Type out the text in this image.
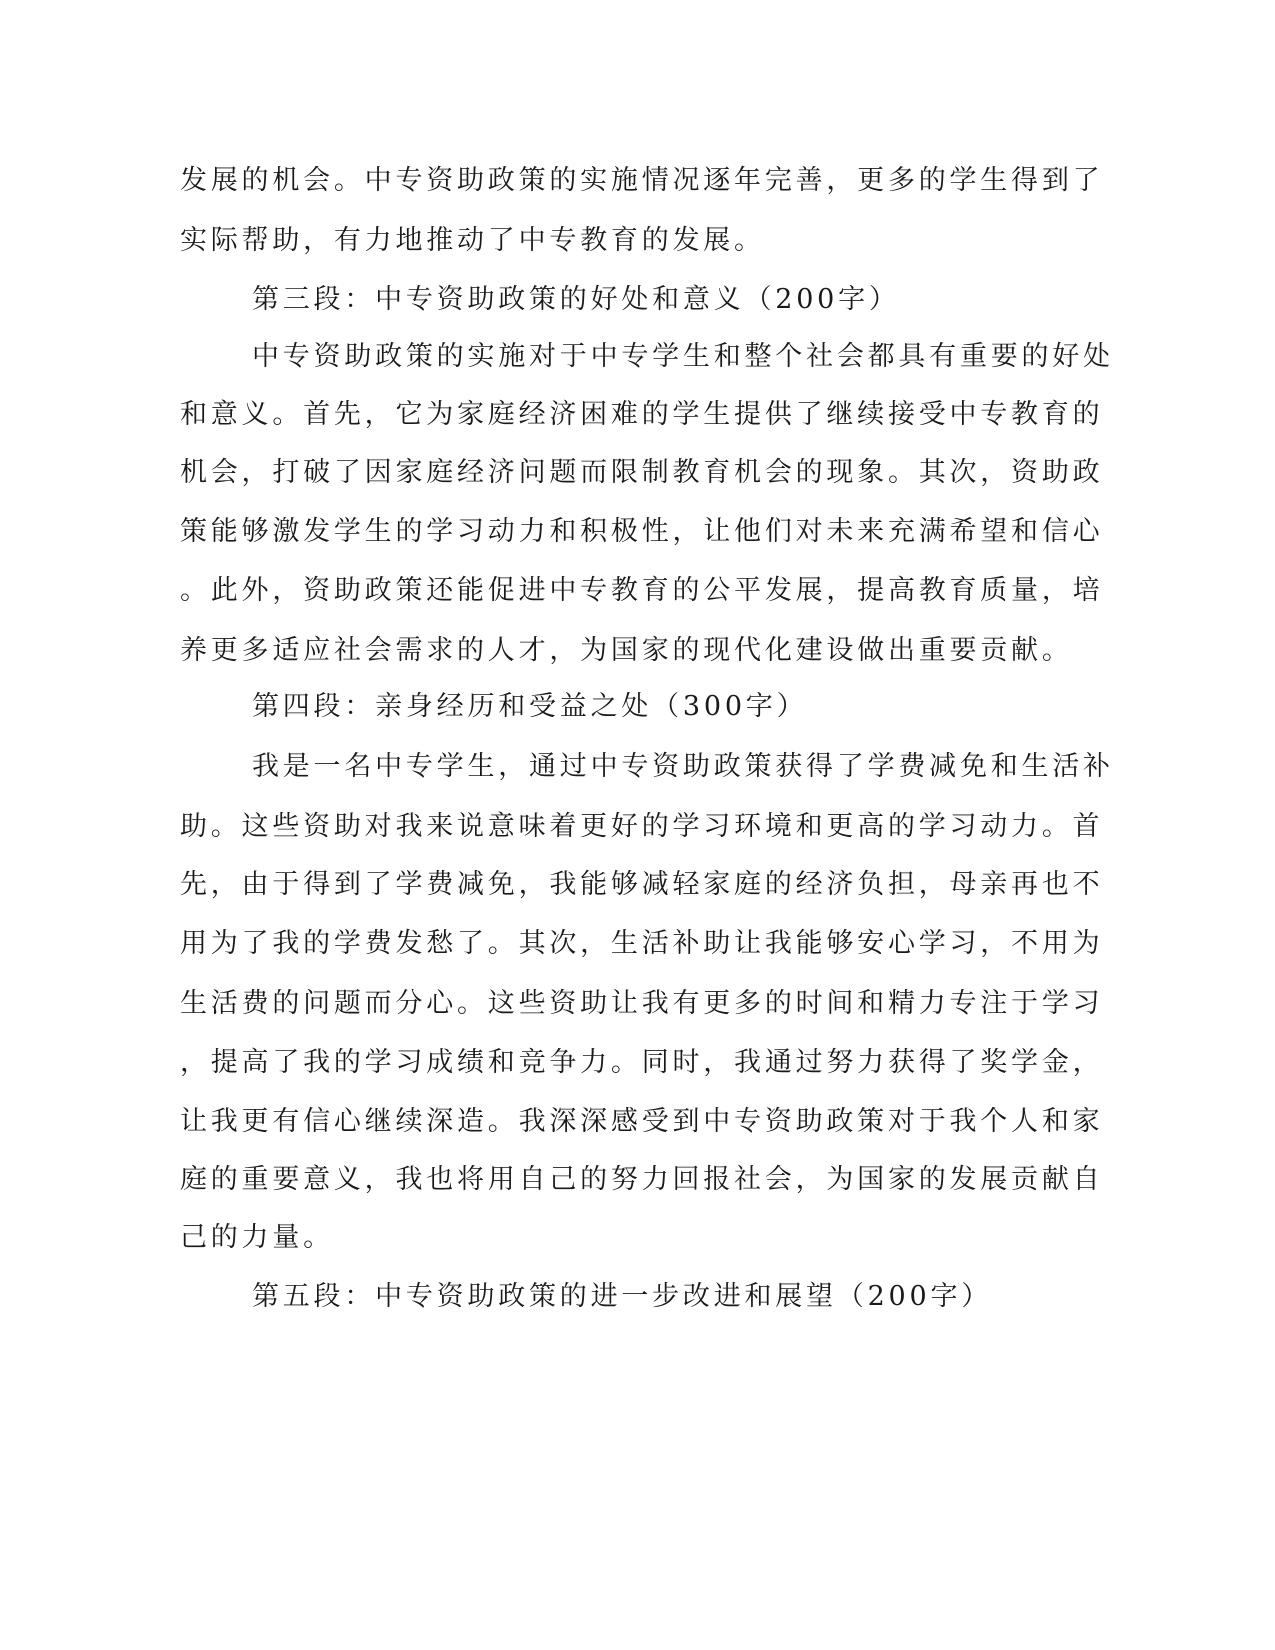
发展的机会。中专资助政策的实施情况逐年完善，更多的学生得到了
实际帮助，有力地推动了中专教育的发展。
第三段：中专资助政策的好处和意义（200字）
中专资助政策的实施对于中专学生和整个社会都具有重要的好处
和意义。首先，它为家庭经济困难的学生提供了继续接受中专教育的
机会，打破了因家庭经济问题而限制教育机会的现象。其次，资助政
策能够激发学生的学习动力和积极性，让他们对未来充满希望和信心
。此外，资助政策还能促进中专教育的公平发展，提高教育质量，培
养更多适应社会需求的人才，为国家的现代化建设做出重要贡献。
第四段：亲身经历和受益之处（300字）
我是一名中专学生，通过中专资助政策获得了学费减免和生活补
助。这些资助对我来说意味着更好的学习环境和更高的学习动力。首
先，由于得到了学费减免，我能够减轻家庭的经济负担，母亲再也不
用为了我的学费发愁了。其次，生活补助让我能够安心学习，不用为
生活费的问题而分心。这些资助让我有更多的时间和精力专注于学习
，提高了我的学习成绩和竞争力。同时，我通过努力获得了奖学金，
让我更有信心继续深造。我深深感受到中专资助政策对于我个人和家
庭的重要意义，我也将用自己的努力回报社会，为国家的发展贡献自
己的力量。
第五段：中专资助政策的进一步改进和展望（200字）
